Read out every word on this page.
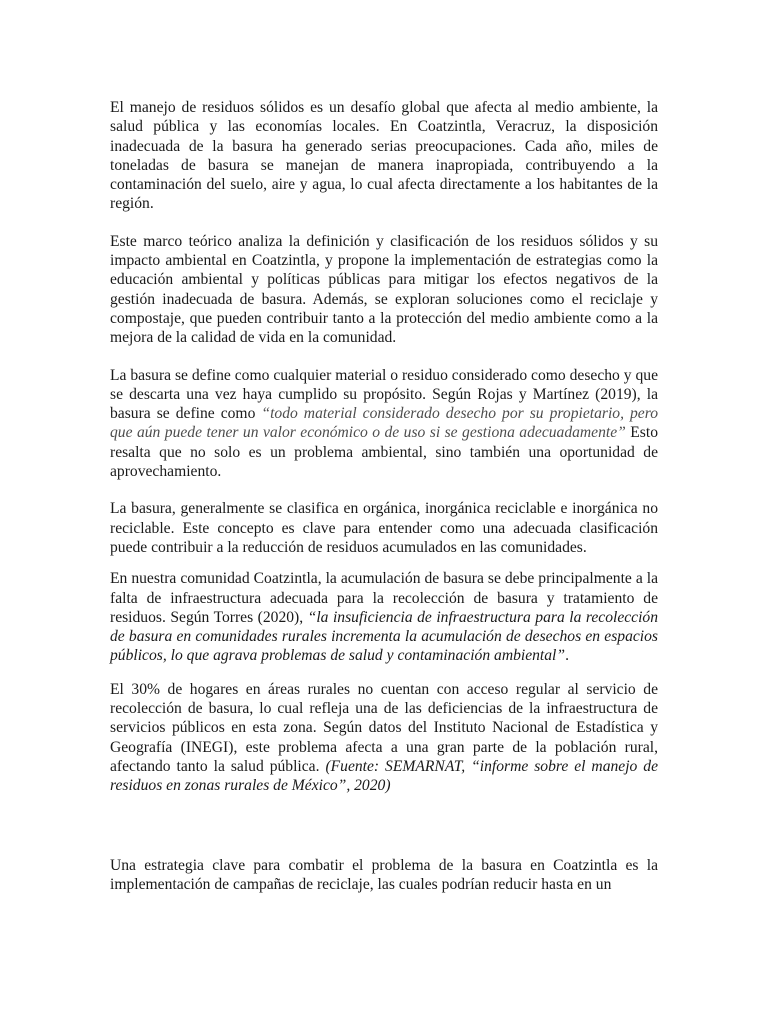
El manejo de residuos sólidos es un desafío global que afecta al medio ambiente, la salud pública y las economías locales. En Coatzintla, Veracruz, la disposición inadecuada de la basura ha generado serias preocupaciones. Cada año, miles de toneladas de basura se manejan de manera inapropiada, contribuyendo a la contaminación del suelo, aire y agua, lo cual afecta directamente a los habitantes de la región.

Este marco teórico analiza la definición y clasificación de los residuos sólidos y su impacto ambiental en Coatzintla, y propone la implementación de estrategias como la educación ambiental y políticas públicas para mitigar los efectos negativos de la gestión inadecuada de basura. Además, se exploran soluciones como el reciclaje y compostaje, que pueden contribuir tanto a la protección del medio ambiente como a la mejora de la calidad de vida en la comunidad.

La basura se define como cualquier material o residuo considerado como desecho y que se descarta una vez haya cumplido su propósito. Según Rojas y Martínez (2019), la basura se define como “todo material considerado desecho por su propietario, pero que aún puede tener un valor económico o de uso si se gestiona adecuadamente” Esto resalta que no solo es un problema ambiental, sino también una oportunidad de aprovechamiento.

La basura, generalmente se clasifica en orgánica, inorgánica reciclable e inorgánica no reciclable. Este concepto es clave para entender como una adecuada clasificación puede contribuir a la reducción de residuos acumulados en las comunidades.

En nuestra comunidad Coatzintla, la acumulación de basura se debe principalmente a la falta de infraestructura adecuada para la recolección de basura y tratamiento de residuos. Según Torres (2020), “la insuficiencia de infraestructura para la recolección de basura en comunidades rurales incrementa la acumulación de desechos en espacios públicos, lo que agrava problemas de salud y contaminación ambiental”.

El 30% de hogares en áreas rurales no cuentan con acceso regular al servicio de recolección de basura, lo cual refleja una de las deficiencias de la infraestructura de servicios públicos en esta zona. Según datos del Instituto Nacional de Estadística y Geografía (INEGI), este problema afecta a una gran parte de la población rural, afectando tanto la salud pública. (Fuente: SEMARNAT, “informe sobre el manejo de residuos en zonas rurales de México”, 2020)

Una estrategia clave para combatir el problema de la basura en Coatzintla es la implementación de campañas de reciclaje, las cuales podrían reducir hasta en un
